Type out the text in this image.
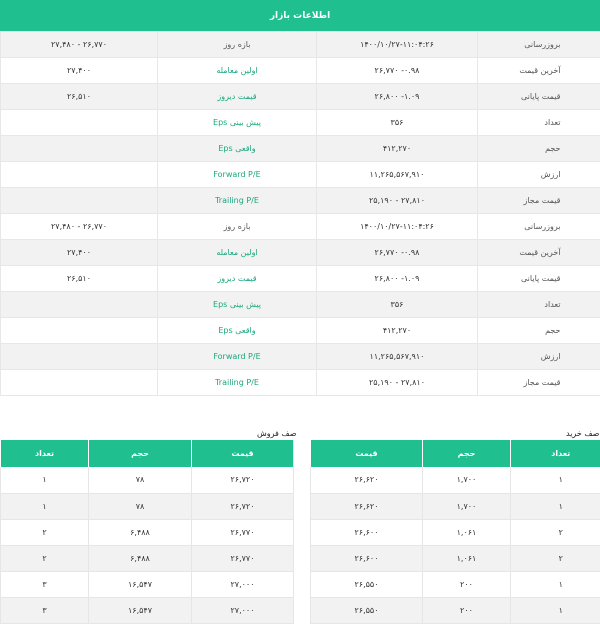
اطلاعات بازار
۲۷,۴۸۰ - ۲۶,۷۷۰	بازه روز	۱۴۰۰/۱۰/۲۷-۱۱:۰۴:۲۶	بروزرسانی
۲۷,۴۰۰	اولین معامله	۲۶,۷۷۰ -۰.۹۸	آخرین قیمت
۲۶,۵۱۰	قیمت دیروز	۲۶,۸۰۰ -۱.۰۹	قیمت پایانی
	Eps پیش بینی	۳۵۶	تعداد
	Eps واقعی	۴۱۲,۲۷۰	حجم
	Forward P/E	۱۱,۲۶۵,۵۶۷,۹۱۰	ارزش
	Trailing P/E	۲۵,۱۹۰ - ۲۷,۸۱۰	قیمت مجاز
۲۷,۴۸۰ - ۲۶,۷۷۰	بازه روز	۱۴۰۰/۱۰/۲۷-۱۱:۰۴:۲۶	بروزرسانی
۲۷,۴۰۰	اولین معامله	۲۶,۷۷۰ -۰.۹۸	آخرین قیمت
۲۶,۵۱۰	قیمت دیروز	۲۶,۸۰۰ -۱.۰۹	قیمت پایانی
	Eps پیش بینی	۳۵۶	تعداد
	Eps واقعی	۴۱۲,۲۷۰	حجم
	Forward P/E	۱۱,۲۶۵,۵۶۷,۹۱۰	ارزش
	Trailing P/E	۲۵,۱۹۰ - ۲۷,۸۱۰	قیمت مجاز
صف فروش
تعداد	حجم	قیمت
۱	۷۸	۲۶,۷۲۰
۱	۷۸	۲۶,۷۲۰
۲	۶,۴۸۸	۲۶,۷۷۰
۲	۶,۴۸۸	۲۶,۷۷۰
۳	۱۶,۵۴۷	۲۷,۰۰۰
۳	۱۶,۵۴۷	۲۷,۰۰۰
صف خرید
قیمت	حجم	تعداد
۲۶,۶۲۰	۱,۷۰۰	۱
۲۶,۶۲۰	۱,۷۰۰	۱
۲۶,۶۰۰	۱,۰۶۱	۲
۲۶,۶۰۰	۱,۰۶۱	۲
۲۶,۵۵۰	۲۰۰	۱
۲۶,۵۵۰	۲۰۰	۱
